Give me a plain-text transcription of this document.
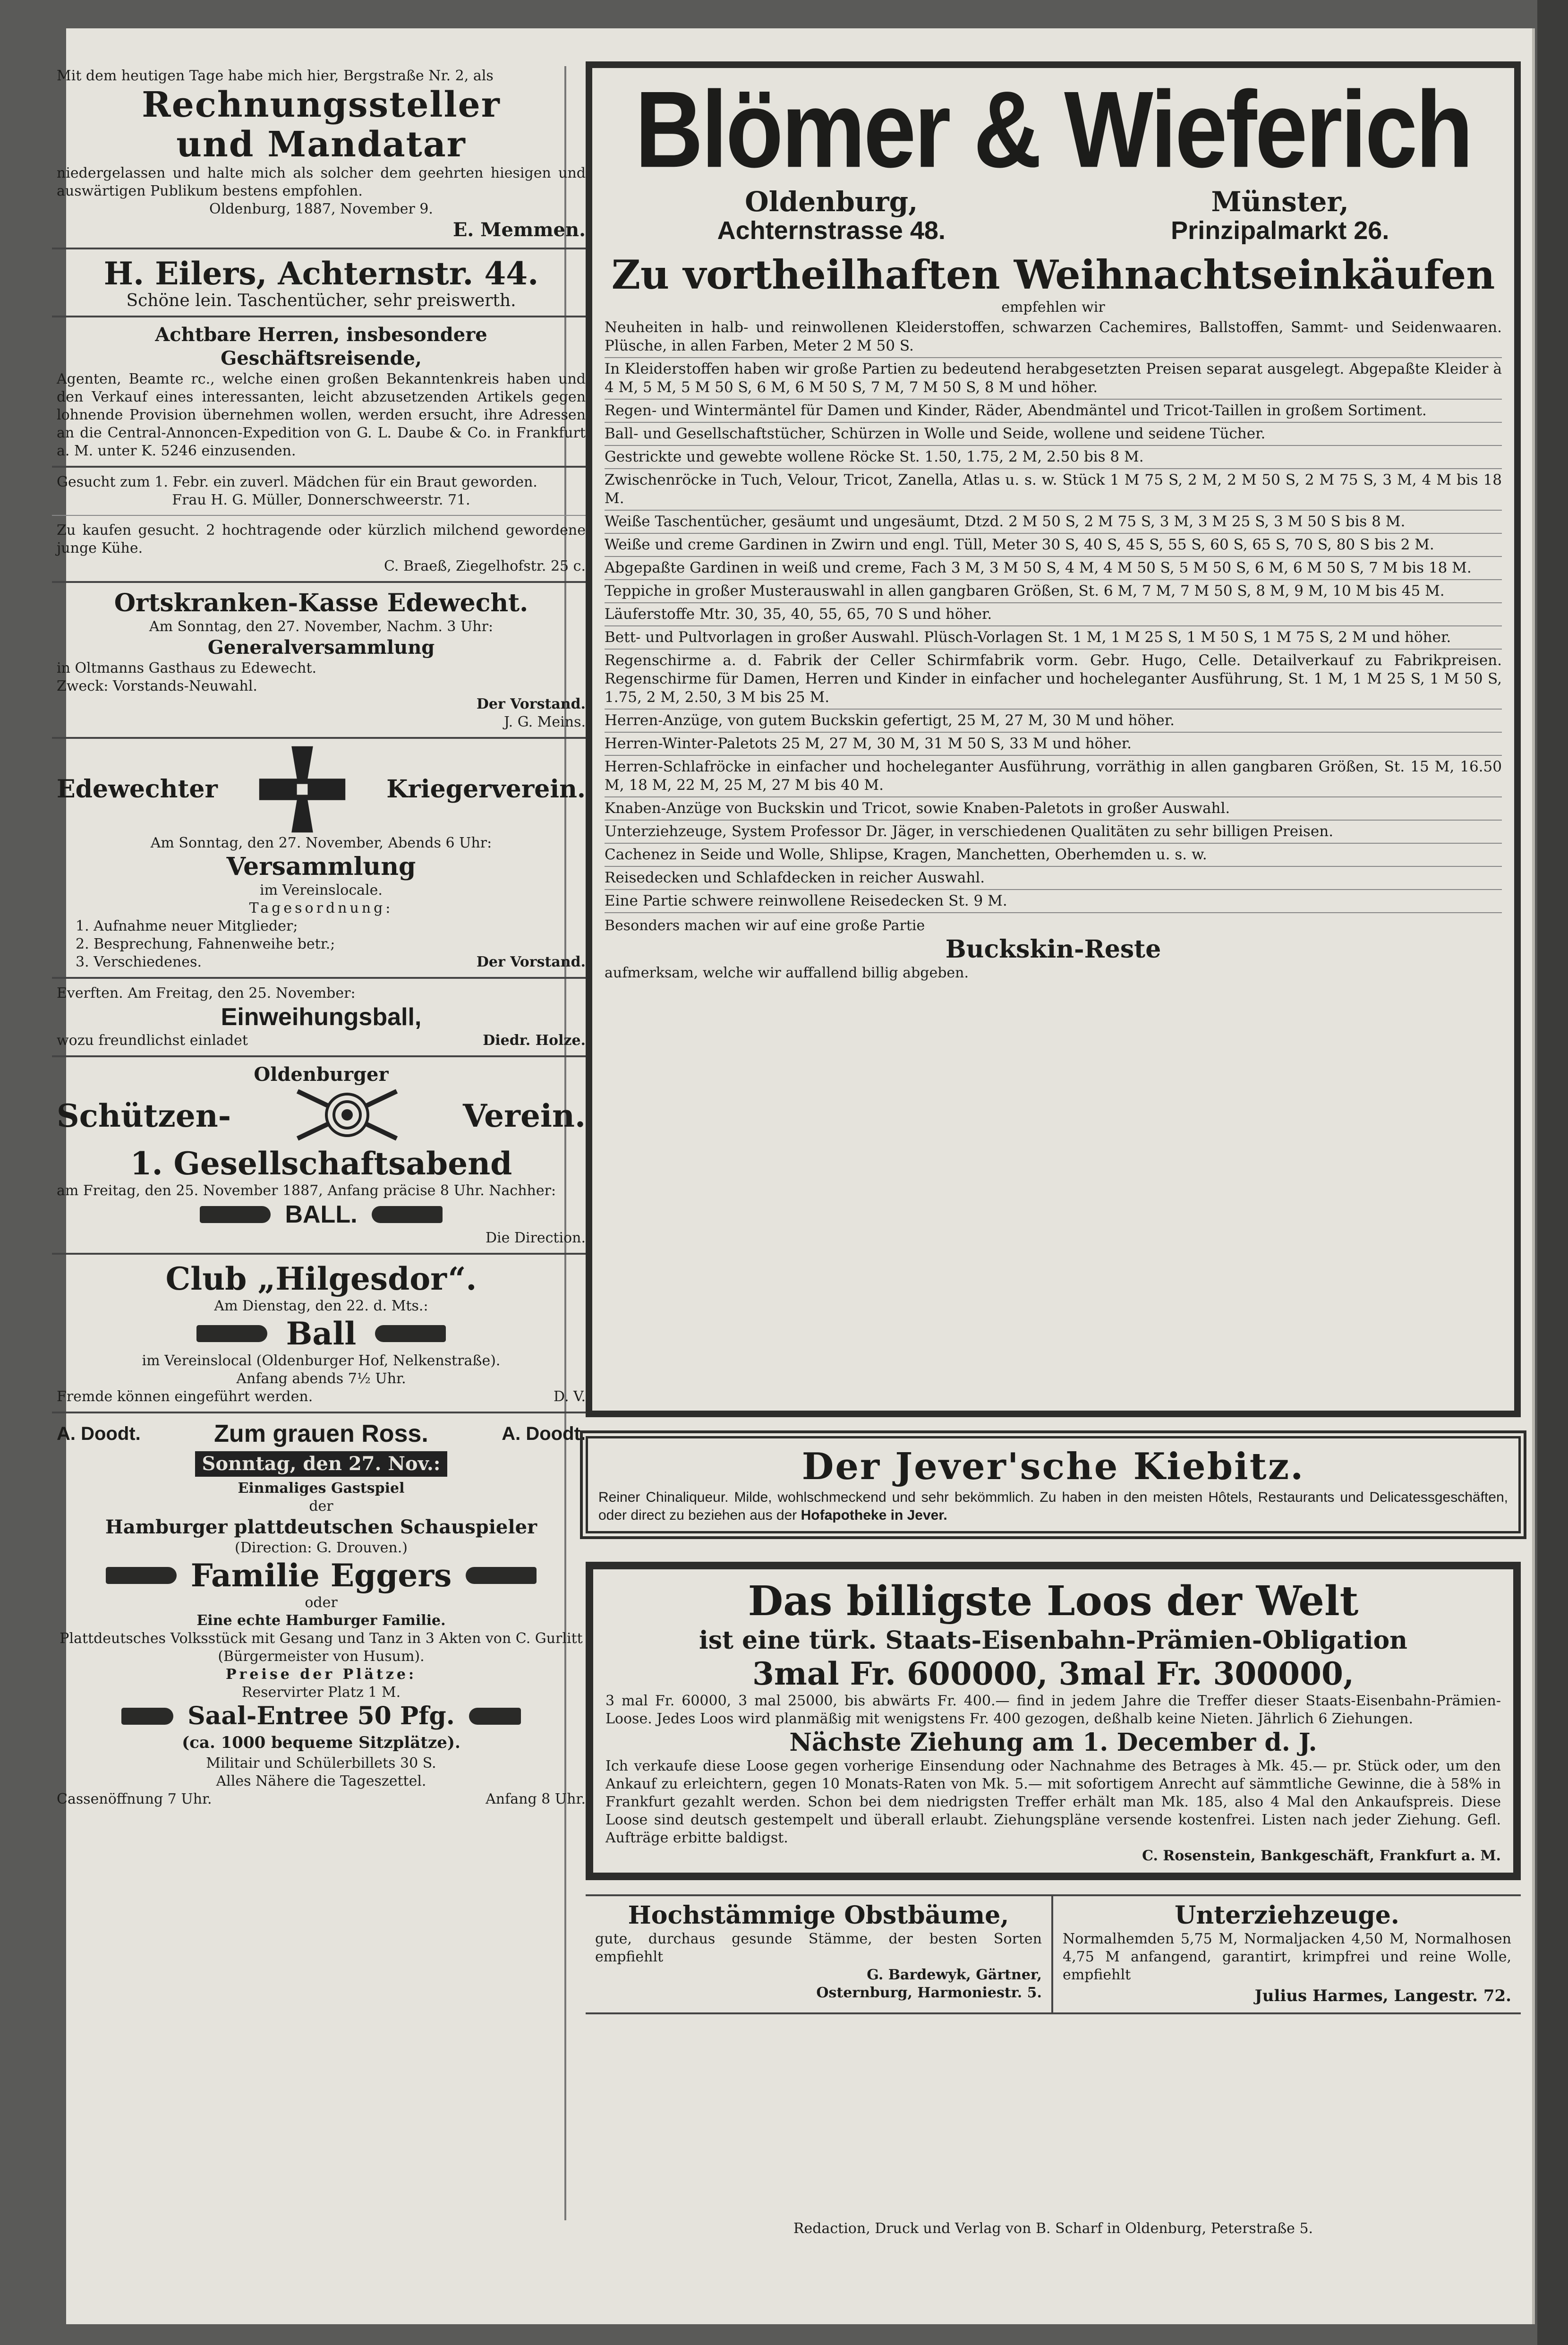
Mit dem heutigen Tage habe mich hier, Bergstraße Nr. 2, als
Rechnungssteller
und Mandatar
niedergelassen und halte mich als solcher dem geehrten hiesigen und auswärtigen Publikum bestens empfohlen.
Oldenburg, 1887, November 9.
E. Memmen.
H. Eilers, Achternstr. 44.
Schöne lein. Taschentücher, sehr preiswerth.
Achtbare Herren, insbesondere
Geschäftsreisende,
Agenten, Beamte rc., welche einen großen Bekanntenkreis haben und den Verkauf eines interessanten, leicht abzusetzenden Artikels gegen lohnende Provision übernehmen wollen, werden ersucht, ihre Adressen an die Central-Annoncen-Expedition von G. L. Daube & Co. in Frankfurt a. M. unter K. 5246 einzusenden.
Gesucht zum 1. Febr. ein zuverl. Mädchen für ein Braut geworden.
Frau H. G. Müller, Donnerschweerstr. 71.
Zu kaufen gesucht. 2 hochtragende oder kürzlich milchend gewordene junge Kühe.
C. Braeß, Ziegelhofstr. 25 c.
Ortskranken-Kasse Edewecht.
Am Sonntag, den 27. November, Nachm. 3 Uhr:
Generalversammlung
in Oltmanns Gasthaus zu Edewecht.
Zweck: Vorstands-Neuwahl.
Der Vorstand.
J. G. Meins.
Edewechter	Kriegerverein.
Am Sonntag, den 27. November, Abends 6 Uhr:
Versammlung
im Vereinslocale.
Tagesordnung:
1. Aufnahme neuer Mitglieder;
2. Besprechung, Fahnenweihe betr.;
3. Verschiedenes.	Der Vorstand.
Everften. Am Freitag, den 25. November:
Einweihungsball,
wozu freundlichst einladet	Diedr. Holze.
Oldenburger
Schützen-	Verein.
1. Gesellschaftsabend
am Freitag, den 25. November 1887, Anfang präcise 8 Uhr. Nachher:
BALL.
Die Direction.
Club „Hilgesdor“.
Am Dienstag, den 22. d. Mts.:
Ball
im Vereinslocal (Oldenburger Hof, Nelkenstraße).
Anfang abends 7½ Uhr.
Fremde können eingeführt werden.	D. V.
A. Doodt.	Zum grauen Ross.	A. Doodt.
Sonntag, den 27. Nov.:
Einmaliges Gastspiel
der
Hamburger plattdeutschen Schauspieler
(Direction: G. Drouven.)
Familie Eggers
oder
Eine echte Hamburger Familie.
Plattdeutsches Volksstück mit Gesang und Tanz in 3 Akten von C. Gurlitt (Bürgermeister von Husum).
Preise der Plätze:
Reservirter Platz 1 M.
Saal-Entree 50 Pfg.
(ca. 1000 bequeme Sitzplätze).
Militair und Schülerbillets 30 S.
Alles Nähere die Tageszettel.
Cassenöffnung 7 Uhr.	Anfang 8 Uhr.
Blömer & Wieferich
Oldenburg,
Achternstrasse 48.
Münster,
Prinzipalmarkt 26.
Zu vortheilhaften Weihnachtseinkäufen
empfehlen wir
Neuheiten in halb- und reinwollenen Kleiderstoffen, schwarzen Cachemires, Ballstoffen, Sammt- und Seidenwaaren. Plüsche, in allen Farben, Meter 2 M 50 S.
In Kleiderstoffen haben wir große Partien zu bedeutend herabgesetzten Preisen separat ausgelegt. Abgepaßte Kleider à 4 M, 5 M, 5 M 50 S, 6 M, 6 M 50 S, 7 M, 7 M 50 S, 8 M und höher.
Regen- und Wintermäntel für Damen und Kinder, Räder, Abendmäntel und Tricot-Taillen in großem Sortiment.
Ball- und Gesellschaftstücher, Schürzen in Wolle und Seide, wollene und seidene Tücher.
Gestrickte und gewebte wollene Röcke St. 1.50, 1.75, 2 M, 2.50 bis 8 M.
Zwischenröcke in Tuch, Velour, Tricot, Zanella, Atlas u. s. w. Stück 1 M 75 S, 2 M, 2 M 50 S, 2 M 75 S, 3 M, 4 M bis 18 M.
Weiße Taschentücher, gesäumt und ungesäumt, Dtzd. 2 M 50 S, 2 M 75 S, 3 M, 3 M 25 S, 3 M 50 S bis 8 M.
Weiße und creme Gardinen in Zwirn und engl. Tüll, Meter 30 S, 40 S, 45 S, 55 S, 60 S, 65 S, 70 S, 80 S bis 2 M.
Abgepaßte Gardinen in weiß und creme, Fach 3 M, 3 M 50 S, 4 M, 4 M 50 S, 5 M 50 S, 6 M, 6 M 50 S, 7 M bis 18 M.
Teppiche in großer Musterauswahl in allen gangbaren Größen, St. 6 M, 7 M, 7 M 50 S, 8 M, 9 M, 10 M bis 45 M.
Läuferstoffe Mtr. 30, 35, 40, 55, 65, 70 S und höher.
Bett- und Pultvorlagen in großer Auswahl. Plüsch-Vorlagen St. 1 M, 1 M 25 S, 1 M 50 S, 1 M 75 S, 2 M und höher.
Regenschirme a. d. Fabrik der Celler Schirmfabrik vorm. Gebr. Hugo, Celle. Detailverkauf zu Fabrikpreisen. Regenschirme für Damen, Herren und Kinder in einfacher und hocheleganter Ausführung, St. 1 M, 1 M 25 S, 1 M 50 S, 1.75, 2 M, 2.50, 3 M bis 25 M.
Herren-Anzüge, von gutem Buckskin gefertigt, 25 M, 27 M, 30 M und höher.
Herren-Winter-Paletots 25 M, 27 M, 30 M, 31 M 50 S, 33 M und höher.
Herren-Schlafröcke in einfacher und hocheleganter Ausführung, vorräthig in allen gangbaren Größen, St. 15 M, 16.50 M, 18 M, 22 M, 25 M, 27 M bis 40 M.
Knaben-Anzüge von Buckskin und Tricot, sowie Knaben-Paletots in großer Auswahl.
Unterziehzeuge, System Professor Dr. Jäger, in verschiedenen Qualitäten zu sehr billigen Preisen.
Cachenez in Seide und Wolle, Shlipse, Kragen, Manchetten, Oberhemden u. s. w.
Reisedecken und Schlafdecken in reicher Auswahl.
Eine Partie schwere reinwollene Reisedecken St. 9 M.
Besonders machen wir auf eine große Partie
Buckskin-Reste
aufmerksam, welche wir auffallend billig abgeben.
Der Jever'sche Kiebitz.
Reiner Chinaliqueur. Milde, wohlschmeckend und sehr bekömmlich. Zu haben in den meisten Hôtels, Restaurants und Delicatessgeschäften, oder direct zu beziehen aus der Hofapotheke in Jever.
Das billigste Loos der Welt
ist eine türk. Staats-Eisenbahn-Prämien-Obligation
3mal Fr. 600000, 3mal Fr. 300000,
3 mal Fr. 60000, 3 mal 25000, bis abwärts Fr. 400.— find in jedem Jahre die Treffer dieser Staats-Eisenbahn-Prämien-Loose. Jedes Loos wird planmäßig mit wenigstens Fr. 400 gezogen, deßhalb keine Nieten. Jährlich 6 Ziehungen.
Nächste Ziehung am 1. December d. J.
Ich verkaufe diese Loose gegen vorherige Einsendung oder Nachnahme des Betrages à Mk. 45.— pr. Stück oder, um den Ankauf zu erleichtern, gegen 10 Monats-Raten von Mk. 5.— mit sofortigem Anrecht auf sämmtliche Gewinne, die à 58% in Frankfurt gezahlt werden. Schon bei dem niedrigsten Treffer erhält man Mk. 185, also 4 Mal den Ankaufspreis. Diese Loose sind deutsch gestempelt und überall erlaubt. Ziehungspläne versende kostenfrei. Listen nach jeder Ziehung. Gefl. Aufträge erbitte baldigst.
C. Rosenstein, Bankgeschäft, Frankfurt a. M.
Hochstämmige Obstbäume,
gute, durchaus gesunde Stämme, der besten Sorten empfiehlt
G. Bardewyk, Gärtner,
Osternburg, Harmoniestr. 5.
Unterziehzeuge.
Normalhemden 5,75 M, Normaljacken 4,50 M, Normalhosen 4,75 M anfangend, garantirt, krimpfrei und reine Wolle, empfiehlt
Julius Harmes, Langestr. 72.
Redaction, Druck und Verlag von B. Scharf in Oldenburg, Peterstraße 5.
